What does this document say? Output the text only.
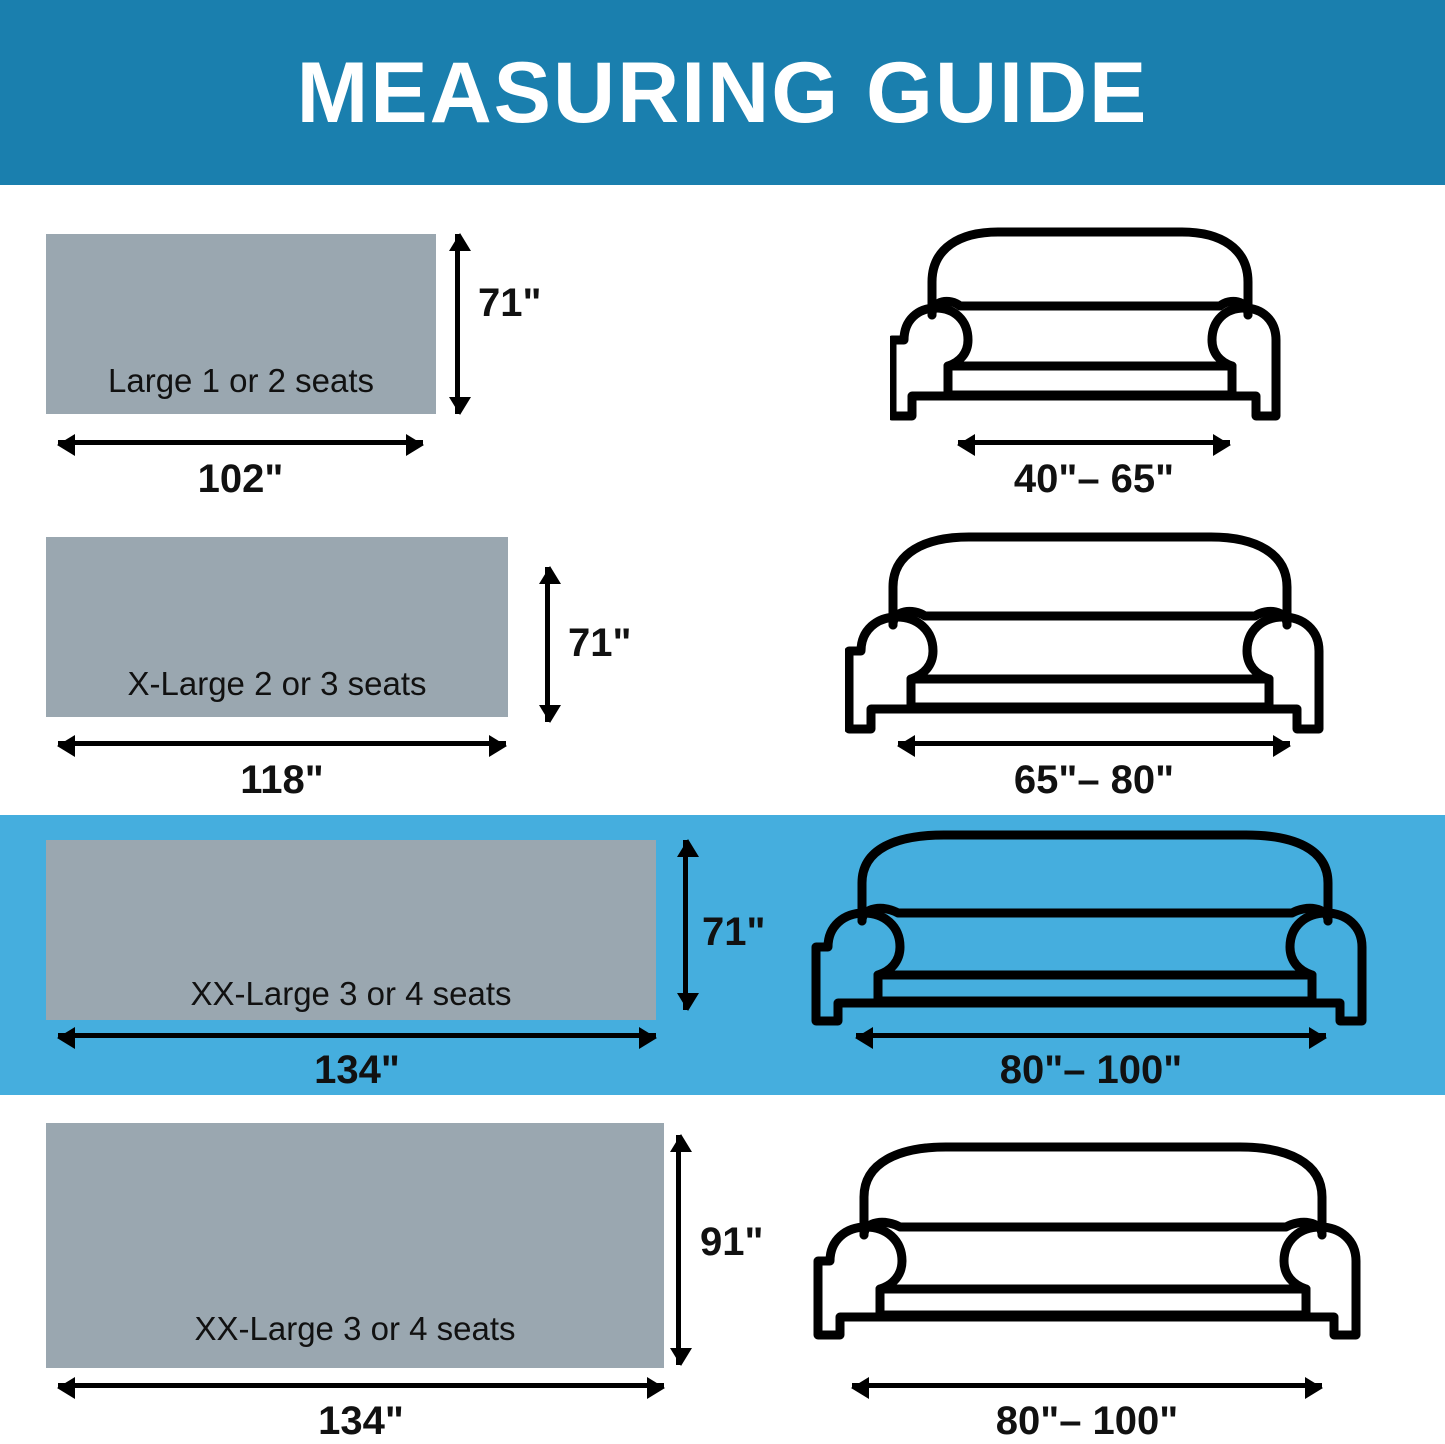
MEASURING GUIDE
Large 1 or 2 seats
71"
102"	40"– 65"
X-Large 2 or 3 seats
71"
118"	65"– 80"
XX-Large 3 or 4 seats
71"
134"	80"– 100"
XX-Large 3 or 4 seats
91"
134"	80"– 100"
